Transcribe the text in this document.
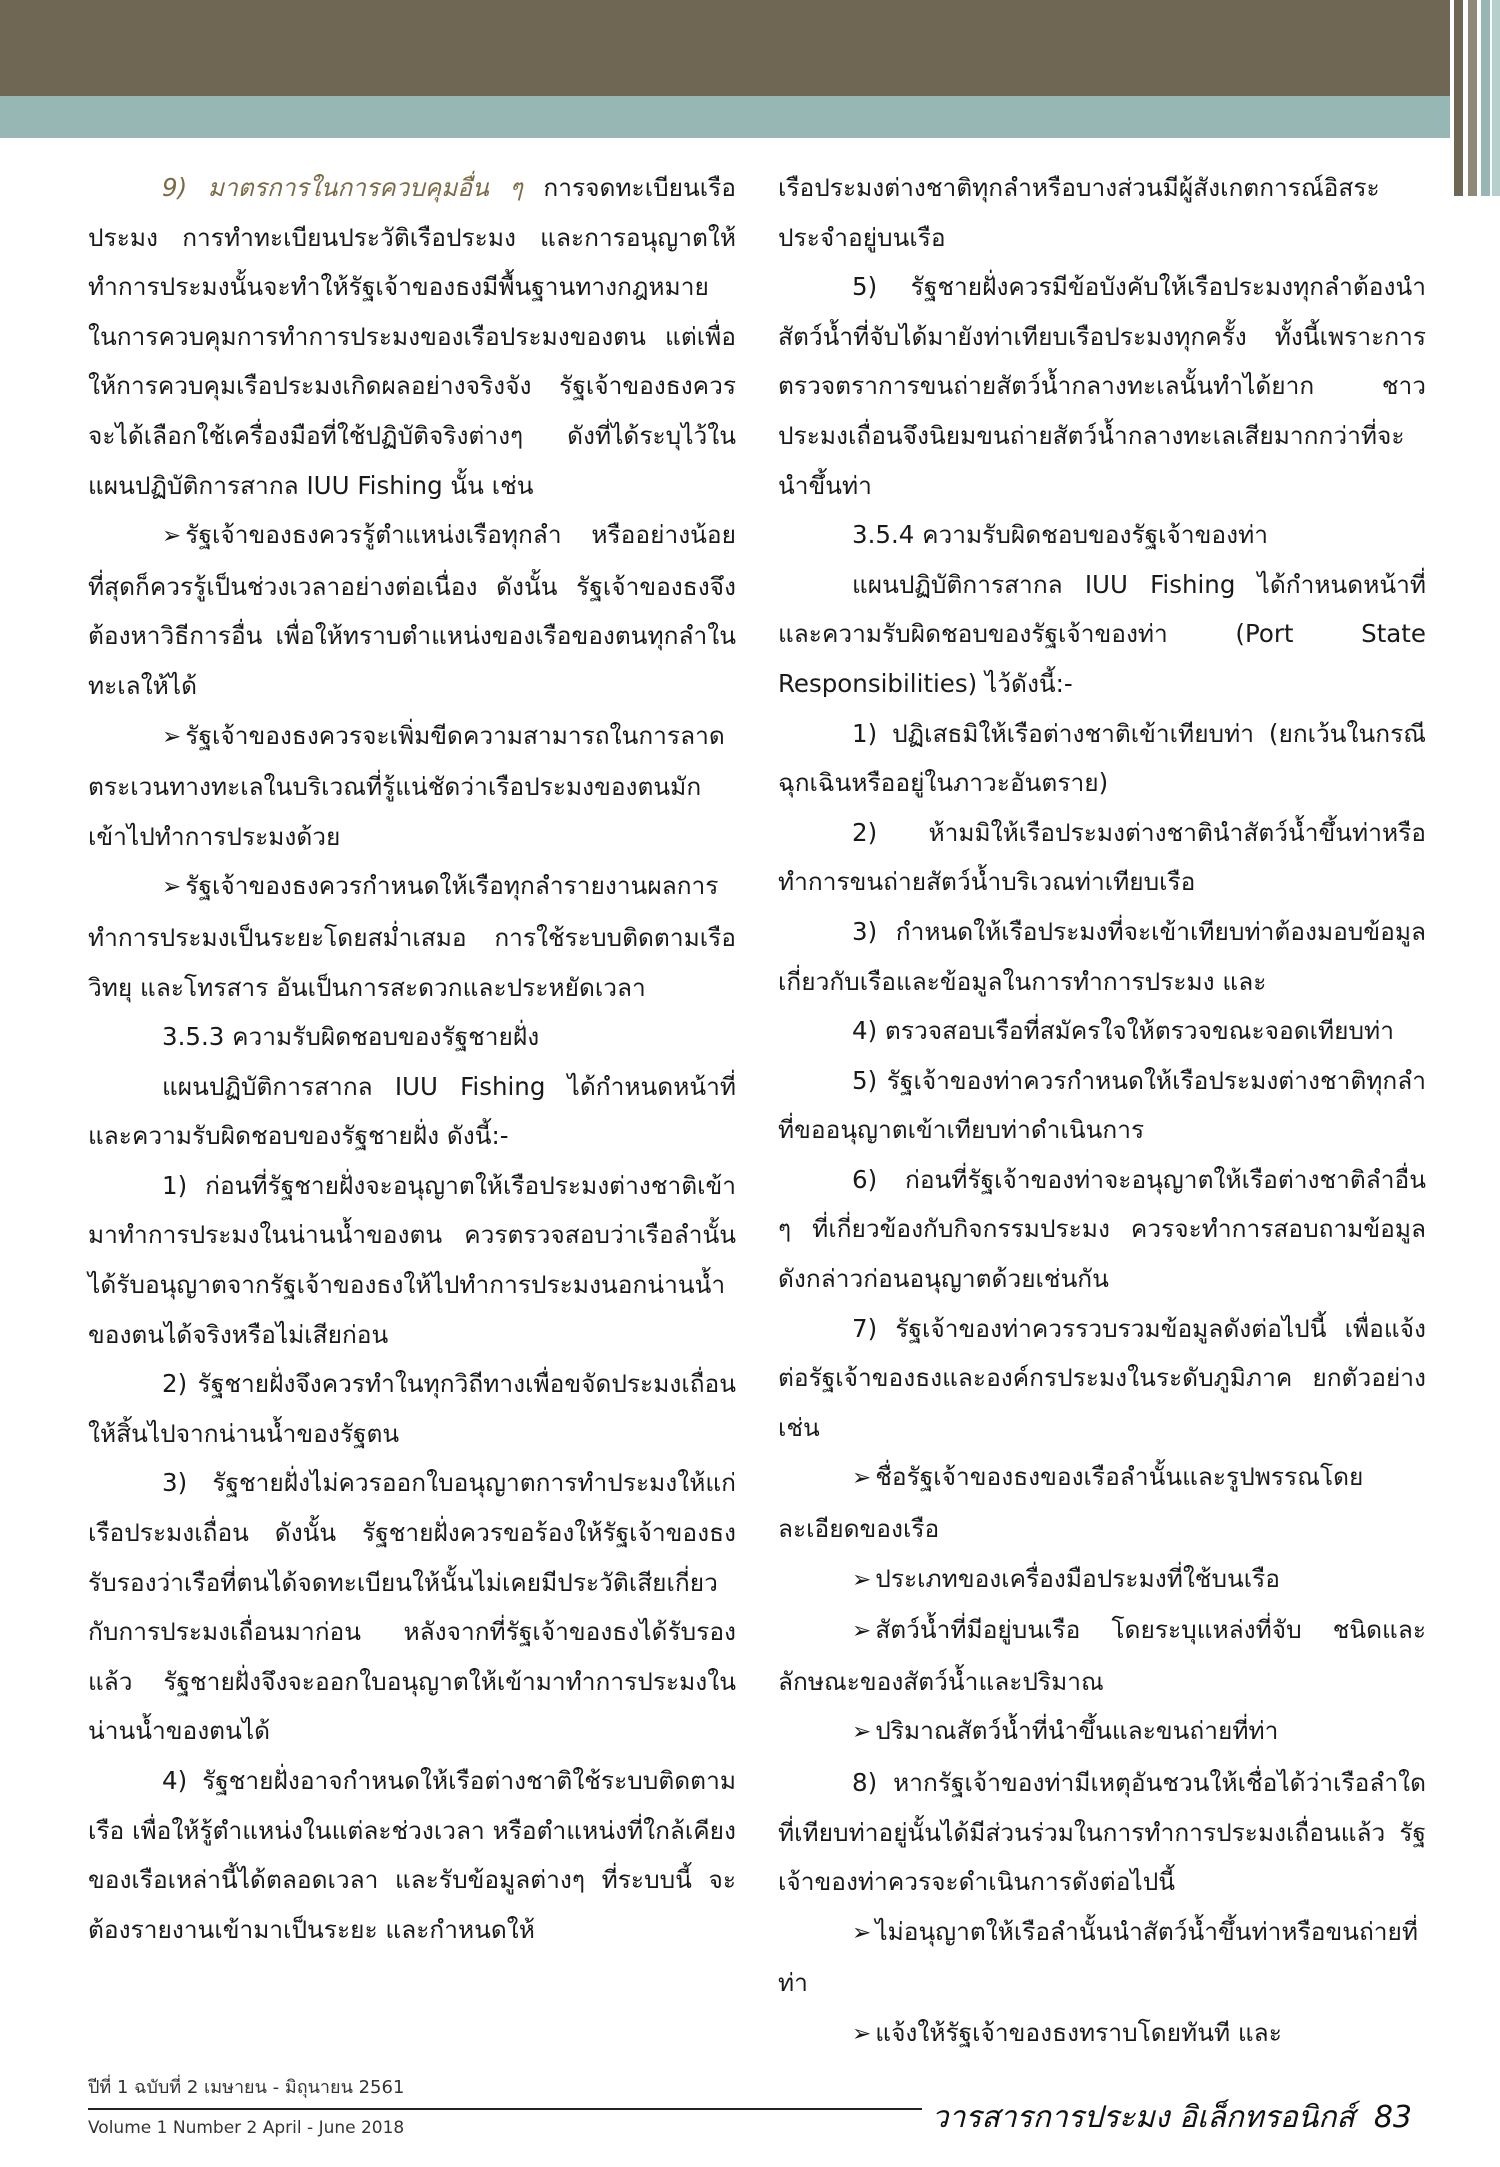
9) มาตรการในการควบคุมอื่น ๆ การจดทะเบียนเรือประมง การทำทะเบียนประวัติเรือประมง และการอนุญาตให้ทำการประมงนั้นจะทำให้รัฐเจ้าของธงมีพื้นฐานทางกฎหมาย ในการควบคุมการทำการประมงของเรือประมงของตน แต่เพื่อให้การควบคุมเรือประมงเกิดผลอย่างจริงจัง รัฐเจ้าของธงควรจะได้เลือกใช้เครื่องมือที่ใช้ปฏิบัติจริงต่างๆ ดังที่ได้ระบุไว้ในแผนปฏิบัติการสากล IUU Fishing นั้น เช่น

➢ รัฐเจ้าของธงควรรู้ตำแหน่งเรือทุกลำ หรืออย่างน้อยที่สุดก็ควรรู้เป็นช่วงเวลาอย่างต่อเนื่อง ดังนั้น รัฐเจ้าของธงจึงต้องหาวิธีการอื่น เพื่อให้ทราบตำแหน่งของเรือของตนทุกลำในทะเลให้ได้

➢ รัฐเจ้าของธงควรจะเพิ่มขีดความสามารถในการลาดตระเวนทางทะเลในบริเวณที่รู้แน่ชัดว่าเรือประมงของตนมักเข้าไปทำการประมงด้วย

➢ รัฐเจ้าของธงควรกำหนดให้เรือทุกลำรายงานผลการทำการประมงเป็นระยะโดยสม่ำเสมอ การใช้ระบบติดตามเรือ วิทยุ และโทรสาร อันเป็นการสะดวกและประหยัดเวลา

3.5.3 ความรับผิดชอบของรัฐชายฝั่ง

แผนปฏิบัติการสากล IUU Fishing ได้กำหนดหน้าที่และความรับผิดชอบของรัฐชายฝั่ง ดังนี้:-

1) ก่อนที่รัฐชายฝั่งจะอนุญาตให้เรือประมงต่างชาติเข้ามาทำการประมงในน่านน้ำของตน ควรตรวจสอบว่าเรือลำนั้นได้รับอนุญาตจากรัฐเจ้าของธงให้ไปทำการประมงนอกน่านน้ำของตนได้จริงหรือไม่เสียก่อน

2) รัฐชายฝั่งจึงควรทำในทุกวิถีทางเพื่อขจัดประมงเถื่อนให้สิ้นไปจากน่านน้ำของรัฐตน

3) รัฐชายฝั่งไม่ควรออกใบอนุญาตการทำประมงให้แก่เรือประมงเถื่อน ดังนั้น รัฐชายฝั่งควรขอร้องให้รัฐเจ้าของธงรับรองว่าเรือที่ตนได้จดทะเบียนให้นั้นไม่เคยมีประวัติเสียเกี่ยวกับการประมงเถื่อนมาก่อน หลังจากที่รัฐเจ้าของธงได้รับรองแล้ว รัฐชายฝั่งจึงจะออกใบอนุญาตให้เข้ามาทำการประมงในน่านน้ำของตนได้

4) รัฐชายฝั่งอาจกำหนดให้เรือต่างชาติใช้ระบบติดตามเรือ เพื่อให้รู้ตำแหน่งในแต่ละช่วงเวลา หรือตำแหน่งที่ใกล้เคียงของเรือเหล่านี้ได้ตลอดเวลา และรับข้อมูลต่างๆ ที่ระบบนี้ จะต้องรายงานเข้ามาเป็นระยะ และกำหนดให้

เรือประมงต่างชาติทุกลำหรือบางส่วนมีผู้สังเกตการณ์อิสระประจำอยู่บนเรือ

5) รัฐชายฝั่งควรมีข้อบังคับให้เรือประมงทุกลำต้องนำสัตว์น้ำที่จับได้มายังท่าเทียบเรือประมงทุกครั้ง ทั้งนี้เพราะการตรวจตราการขนถ่ายสัตว์น้ำกลางทะเลนั้นทำได้ยาก ชาวประมงเถื่อนจึงนิยมขนถ่ายสัตว์น้ำกลางทะเลเสียมากกว่าที่จะนำขึ้นท่า

3.5.4 ความรับผิดชอบของรัฐเจ้าของท่า

แผนปฏิบัติการสากล IUU Fishing ได้กำหนดหน้าที่และความรับผิดชอบของรัฐเจ้าของท่า (Port State Responsibilities) ไว้ดังนี้:-

1) ปฏิเสธมิให้เรือต่างชาติเข้าเทียบท่า (ยกเว้นในกรณีฉุกเฉินหรืออยู่ในภาวะอันตราย)

2) ห้ามมิให้เรือประมงต่างชาตินำสัตว์น้ำขึ้นท่าหรือทำการขนถ่ายสัตว์น้ำบริเวณท่าเทียบเรือ

3) กำหนดให้เรือประมงที่จะเข้าเทียบท่าต้องมอบข้อมูลเกี่ยวกับเรือและข้อมูลในการทำการประมง และ

4) ตรวจสอบเรือที่สมัครใจให้ตรวจขณะจอดเทียบท่า

5) รัฐเจ้าของท่าควรกำหนดให้เรือประมงต่างชาติทุกลำที่ขออนุญาตเข้าเทียบท่าดำเนินการ

6) ก่อนที่รัฐเจ้าของท่าจะอนุญาตให้เรือต่างชาติลำอื่น ๆ ที่เกี่ยวข้องกับกิจกรรมประมง ควรจะทำการสอบถามข้อมูลดังกล่าวก่อนอนุญาตด้วยเช่นกัน

7) รัฐเจ้าของท่าควรรวบรวมข้อมูลดังต่อไปนี้ เพื่อแจ้งต่อรัฐเจ้าของธงและองค์กรประมงในระดับภูมิภาค ยกตัวอย่างเช่น

➢ ชื่อรัฐเจ้าของธงของเรือลำนั้นและรูปพรรณโดยละเอียดของเรือ

➢ ประเภทของเครื่องมือประมงที่ใช้บนเรือ

➢ สัตว์น้ำที่มีอยู่บนเรือ โดยระบุแหล่งที่จับ ชนิดและลักษณะของสัตว์น้ำและปริมาณ

➢ ปริมาณสัตว์น้ำที่นำขึ้นและขนถ่ายที่ท่า

8) หากรัฐเจ้าของท่ามีเหตุอันชวนให้เชื่อได้ว่าเรือลำใดที่เทียบท่าอยู่นั้นได้มีส่วนร่วมในการทำการประมงเถื่อนแล้ว รัฐเจ้าของท่าควรจะดำเนินการดังต่อไปนี้

➢ ไม่อนุญาตให้เรือลำนั้นนำสัตว์น้ำขึ้นท่าหรือขนถ่ายที่ท่า

➢ แจ้งให้รัฐเจ้าของธงทราบโดยทันที และ

ปีที่ 1 ฉบับที่ 2 เมษายน - มิถุนายน 2561
วารสารการประมง อิเล็กทรอนิกส์ 83
Volume 1 Number 2 April - June 2018
